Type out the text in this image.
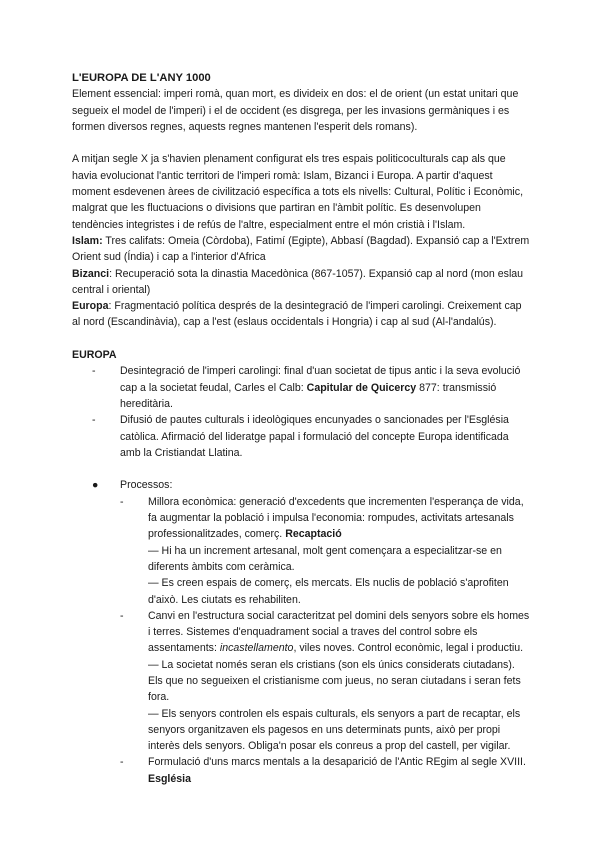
L'EUROPA DE L'ANY 1000

Element essencial: imperi romà, quan mort, es divideix en dos: el de orient (un estat unitari que segueix el model de l'imperi) i el de occident (es disgrega, per les invasions germàniques i es formen diversos regnes, aquests regnes mantenen l'esperit dels romans).

A mitjan segle X ja s'havien plenament configurat els tres espais politicoculturals cap als que havia evolucionat l'antic territori de l'imperi romà: Islam, Bizanci i Europa. A partir d'aquest moment esdevenen àrees de civilització específica a tots els nivells: Cultural, Polític i Econòmic, malgrat que les fluctuacions o divisions que partiran en l'àmbit polític. Es desenvolupen tendències integristes i de refús de l'altre, especialment entre el món cristià i l'Islam.

Islam: Tres califats: Omeia (Còrdoba), Fatimí (Egipte), Abbasí (Bagdad). Expansió cap a l'Extrem Orient sud (Índia) i cap a l'interior d'Africa

Bizanci: Recuperació sota la dinastia Macedònica (867-1057). Expansió cap al nord (mon eslau central i oriental)

Europa: Fragmentació política després de la desintegració de l'imperi carolingi. Creixement cap al nord (Escandinàvia), cap a l'est (eslaus occidentals i Hongria) i cap al sud (Al-l'andalús).

EUROPA

- Desintegració de l'imperi carolingi: final d'uan societat de tipus antic i la seva evolució cap a la societat feudal, Carles el Calb: Capitular de Quicercy 877: transmissió hereditària.
- Difusió de pautes culturals i ideològiques encunyades o sancionades per l'Església catòlica. Afirmació del lideratge papal i formulació del concepte Europa identificada amb la Cristiandat Llatina.
● Processos:
- Millora econòmica: generació d'excedents que incrementen l'esperança de vida, fa augmentar la població i impulsa l'economia: rompudes, activitats artesanals professionalitzades, comerç. Recaptació
— Hi ha un increment artesanal, molt gent començara a especialitzar-se en diferents àmbits com ceràmica.
— Es creen espais de comerç, els mercats. Els nuclis de població s'aprofiten d'això. Les ciutats es rehabiliten.
- Canvi en l'estructura social caracteritzat pel domini dels senyors sobre els homes i terres. Sistemes d'enquadrament social a traves del control sobre els assentaments: incastellamento, viles noves. Control econòmic, legal i productiu.
— La societat només seran els cristians (son els únics considerats ciutadans). Els que no segueixen el cristianisme com jueus, no seran ciutadans i seran fets fora.
— Els senyors controlen els espais culturals, els senyors a part de recaptar, els senyors organitzaven els pagesos en uns determinats punts, això per propi interès dels senyors. Obliga'n posar els conreus a prop del castell, per vigilar.
- Formulació d'uns marcs mentals a la desaparició de l'Antic REgim al segle XVIII. Església
